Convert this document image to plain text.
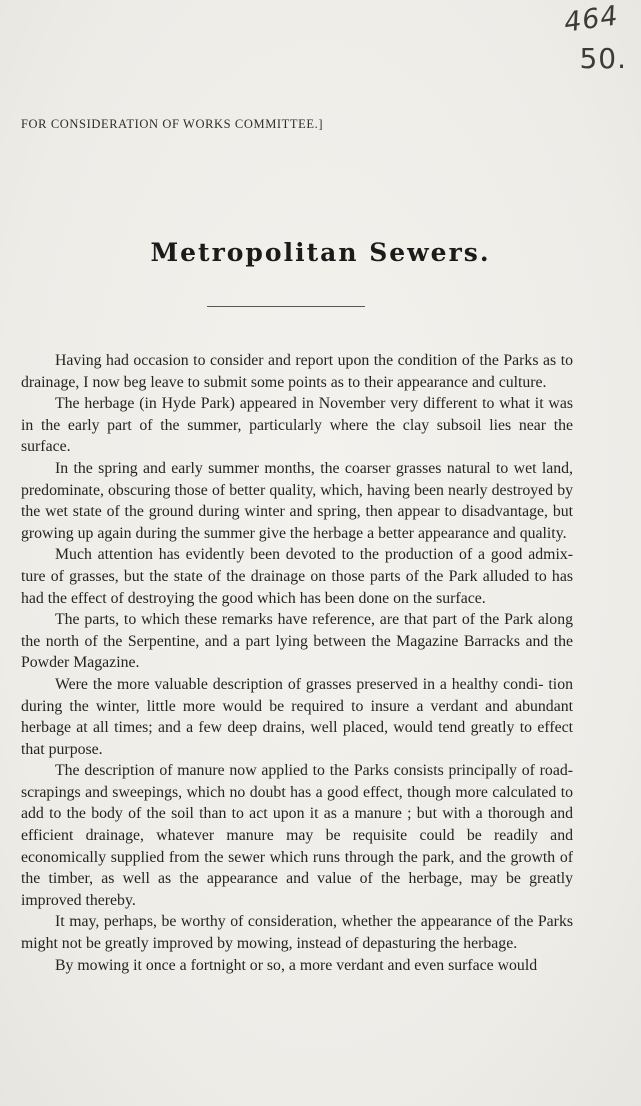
464
50.
FOR CONSIDERATION OF WORKS COMMITTEE.]
Metropolitan Sewers.

Having had occasion to consider and report upon the condition of the Parks as to drainage, I now beg leave to submit some points as to their appearance and culture.

The herbage (in Hyde Park) appeared in November very different to what it was in the early part of the summer, particularly where the clay subsoil lies near the surface.

In the spring and early summer months, the coarser grasses natural to wet land, predominate, obscuring those of better quality, which, having been nearly destroyed by the wet state of the ground during winter and spring, then appear to disadvantage, but growing up again during the summer give the herbage a better appearance and quality.

Much attention has evidently been devoted to the production of a good admix- ture of grasses, but the state of the drainage on those parts of the Park alluded to has had the effect of destroying the good which has been done on the surface.

The parts, to which these remarks have reference, are that part of the Park along the north of the Serpentine, and a part lying between the Magazine Barracks and the Powder Magazine.

Were the more valuable description of grasses preserved in a healthy condi- tion during the winter, little more would be required to insure a verdant and abundant herbage at all times; and a few deep drains, well placed, would tend greatly to effect that purpose.

The description of manure now applied to the Parks consists principally of road-scrapings and sweepings, which no doubt has a good effect, though more calculated to add to the body of the soil than to act upon it as a manure ; but with a thorough and efficient drainage, whatever manure may be requisite could be readily and economically supplied from the sewer which runs through the park, and the growth of the timber, as well as the appearance and value of the herbage, may be greatly improved thereby.

It may, perhaps, be worthy of consideration, whether the appearance of the Parks might not be greatly improved by mowing, instead of depasturing the herbage.

By mowing it once a fortnight or so, a more verdant and even surface would
